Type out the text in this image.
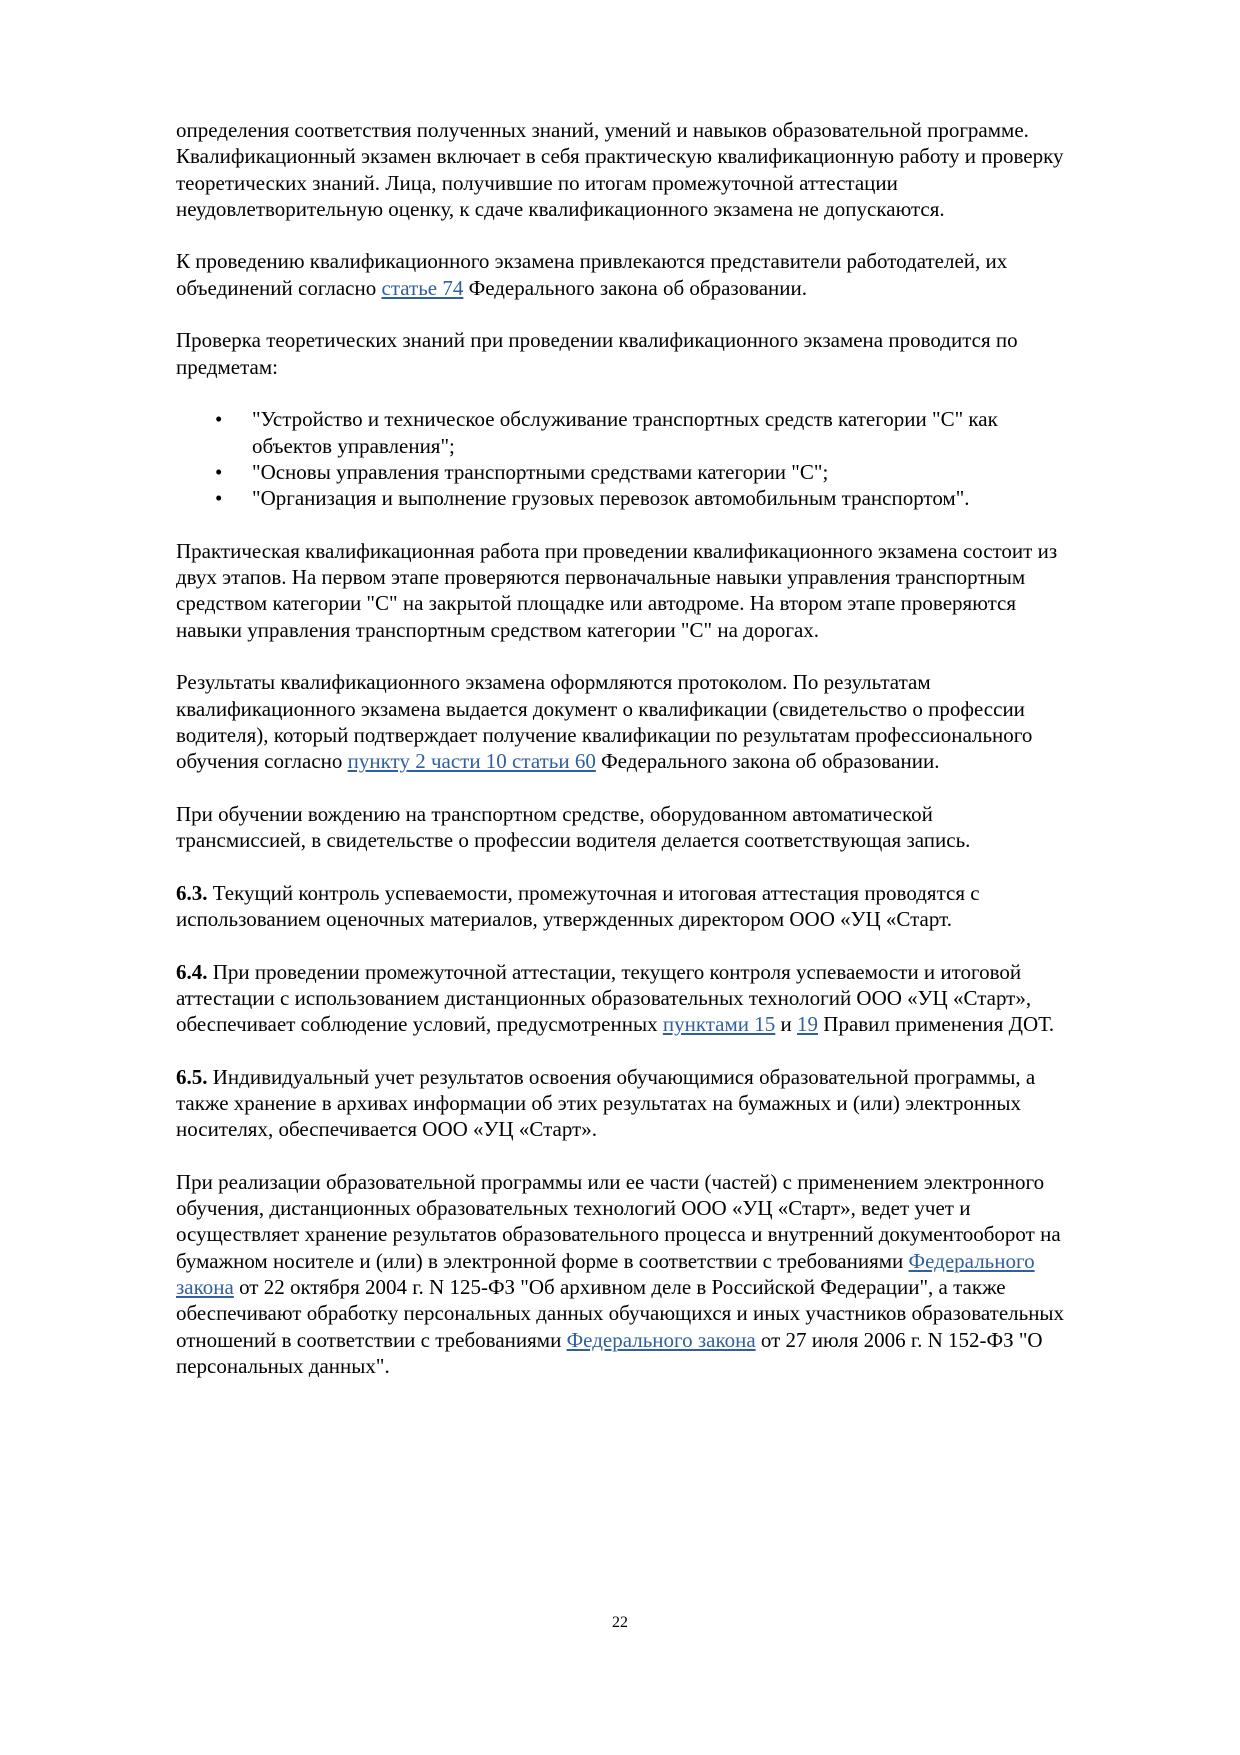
определения соответствия полученных знаний, умений и навыков образовательной программе.
Квалификационный экзамен включает в себя практическую квалификационную работу и проверку
теоретических знаний. Лица, получившие по итогам промежуточной аттестации
неудовлетворительную оценку, к сдаче квалификационного экзамена не допускаются.

К проведению квалификационного экзамена привлекаются представители работодателей, их
объединений согласно статье 74 Федерального закона об образовании.

Проверка теоретических знаний при проведении квалификационного экзамена проводится по
предметам:

• "Устройство и техническое обслуживание транспортных средств категории "C" как
объектов управления";
• "Основы управления транспортными средствами категории "C";
• "Организация и выполнение грузовых перевозок автомобильным транспортом".

Практическая квалификационная работа при проведении квалификационного экзамена состоит из
двух этапов. На первом этапе проверяются первоначальные навыки управления транспортным
средством категории "C" на закрытой площадке или автодроме. На втором этапе проверяются
навыки управления транспортным средством категории "C" на дорогах.

Результаты квалификационного экзамена оформляются протоколом. По результатам
квалификационного экзамена выдается документ о квалификации (свидетельство о профессии
водителя), который подтверждает получение квалификации по результатам профессионального
обучения согласно пункту 2 части 10 статьи 60 Федерального закона об образовании.

При обучении вождению на транспортном средстве, оборудованном автоматической
трансмиссией, в свидетельстве о профессии водителя делается соответствующая запись.

6.3. Текущий контроль успеваемости, промежуточная и итоговая аттестация проводятся с
использованием оценочных материалов, утвержденных директором ООО «УЦ «Старт.

6.4. При проведении промежуточной аттестации, текущего контроля успеваемости и итоговой
аттестации с использованием дистанционных образовательных технологий ООО «УЦ «Старт»,
обеспечивает соблюдение условий, предусмотренных пунктами 15 и 19 Правил применения ДОТ.

6.5. Индивидуальный учет результатов освоения обучающимися образовательной программы, а
также хранение в архивах информации об этих результатах на бумажных и (или) электронных
носителях, обеспечивается ООО «УЦ «Старт».

При реализации образовательной программы или ее части (частей) с применением электронного
обучения, дистанционных образовательных технологий ООО «УЦ «Старт», ведет учет и
осуществляет хранение результатов образовательного процесса и внутренний документооборот на
бумажном носителе и (или) в электронной форме в соответствии с требованиями Федерального
закона от 22 октября 2004 г. N 125-ФЗ "Об архивном деле в Российской Федерации", а также
обеспечивают обработку персональных данных обучающихся и иных участников образовательных
отношений в соответствии с требованиями Федерального закона от 27 июля 2006 г. N 152-ФЗ "О
персональных данных".

22
